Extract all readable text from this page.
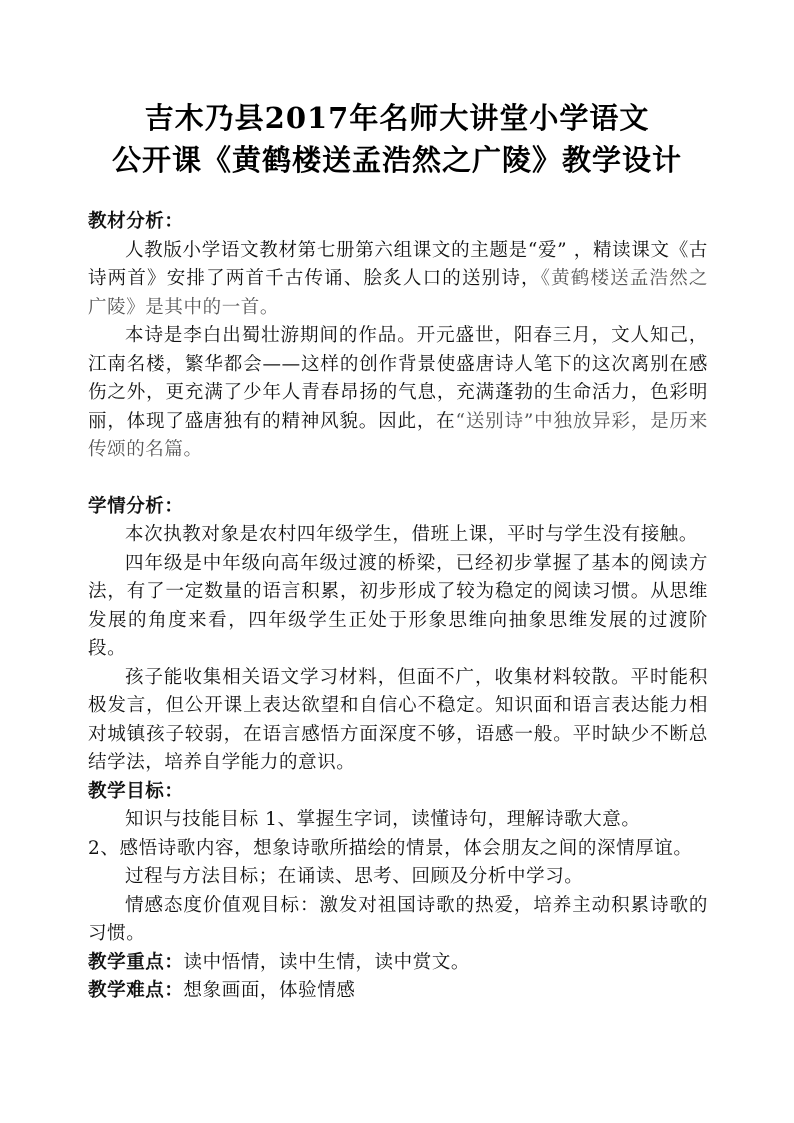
吉木乃县2017年名师大讲堂小学语文
公开课《黄鹤楼送孟浩然之广陵》教学设计

教材分析：

人教版小学语文教材第七册第六组课文的主题是“爱” ，精读课文《古诗两首》安排了两首千古传诵、脍炙人口的送别诗，《黄鹤楼送孟浩然之广陵》是其中的一首。

本诗是李白出蜀壮游期间的作品。开元盛世，阳春三月，文人知己，江南名楼，繁华都会——这样的创作背景使盛唐诗人笔下的这次离别在感伤之外，更充满了少年人青春昂扬的气息，充满蓬勃的生命活力，色彩明丽，体现了盛唐独有的精神风貌。因此，在“送别诗”中独放异彩，是历来传颂的名篇。

学情分析：

本次执教对象是农村四年级学生，借班上课，平时与学生没有接触。

四年级是中年级向高年级过渡的桥梁，已经初步掌握了基本的阅读方法，有了一定数量的语言积累，初步形成了较为稳定的阅读习惯。从思维发展的角度来看，四年级学生正处于形象思维向抽象思维发展的过渡阶段。

孩子能收集相关语文学习材料，但面不广，收集材料较散。平时能积极发言，但公开课上表达欲望和自信心不稳定。知识面和语言表达能力相对城镇孩子较弱，在语言感悟方面深度不够，语感一般。平时缺少不断总结学法，培养自学能力的意识。

教学目标：

知识与技能目标 1、掌握生字词，读懂诗句，理解诗歌大意。

2、感悟诗歌内容，想象诗歌所描绘的情景，体会朋友之间的深情厚谊。

过程与方法目标；在诵读、思考、回顾及分析中学习。

情感态度价值观目标：激发对祖国诗歌的热爱，培养主动积累诗歌的习惯。

教学重点：读中悟情，读中生情，读中赏文。

教学难点：想象画面，体验情感
